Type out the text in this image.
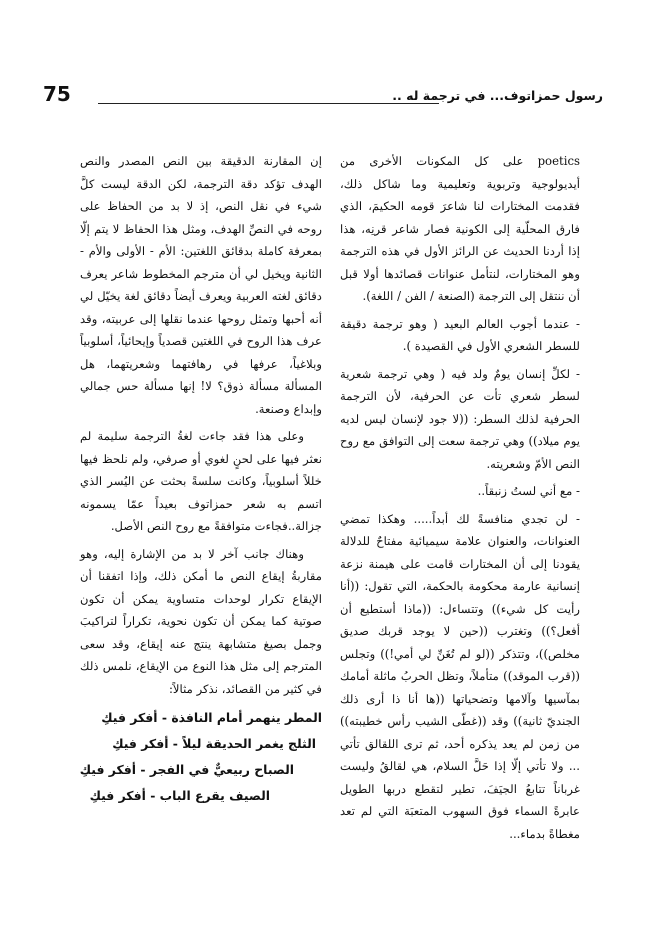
75	رسول حمزاتوف... في ترجمة له ..

poetics على كل المكونات الأخرى من أيديولوجية وتربوية وتعليمية وما شاكل ذلك، فقدمت المختارات لنا شاعرَ قومه الحكيمَ، الذي فارق المحلّية إلى الكونية فصار شاعر قرنِه، هذا إذا أردنا الحديث عن الرائز الأول في هذه الترجمة وهو المختارات، لنتأمل عنوانات قصائدها أولا قبل أن ننتقل إلى الترجمة (الصنعة / الفن / اللغة).

- عندما أجوب العالم البعيد ( وهو ترجمة دقيقة للسطر الشعري الأول في القصيدة ).

- لكلِّ إنسان يومٌ ولد فيه ( وهي ترجمة شعرية لسطر شعري تأت عن الحرفية، لأن الترجمة الحرفية لذلك السطر: ((لا جود لإنسان ليس لديه يوم ميلاد)) وهي ترجمة سعت إلى التوافق مع روح النص الأمّ وشعريته.

- مع أني لستُ زنبقاً..

- لن تجدي منافسةً لك أبداً..... وهكذا تمضي العنوانات، والعنوان علامة سيميائية مفتاحٌ للدلالة يقودنا إلى أن المختارات قامت على هيمنة نزعة إنسانية عارمة محكومة بالحكمة، التي تقول: ((أنا رأيت كل شيء)) وتتساءل: ((ماذا أستطيع أن أفعل؟)) وتغترب ((حين لا يوجد قربك صديق مخلص))، وتتذكر ((لو لم تُغَنِّ لي أمي!)) وتجلس ((قرب الموقد)) متأملاً، وتظل الحربُ ماثلة أمامك بمآسيها وآلامها وتضحياتها ((ها أنا ذا أرى ذلك الجنديّ ثانية)) وقد ((غطّى الشيب رأس خطيبته)) من زمن لم يعد يذكره أحد، ثم ترى اللقالق تأتي ... ولا تأتي إلّا إذا حَلَّ السلام، هي لقالقُ وليست غرباناً تتابعُ الجيَفَ، تطير لتقطع دربها الطويل عابرةً السماء فوق السهوب المتعبَة التي لم تعد مغطاةً بدماء...

إن المقارنة الدقيقة بين النص المصدر والنص الهدف تؤكد دقة الترجمة، لكن الدقة ليست كلَّ شيء في نقل النص، إذ لا بد من الحفاظ على روحه في النصِّ الهدف، ومثل هذا الحفاظ لا يتم إلّا بمعرفة كاملة بدقائق اللغتين: الأم - الأولى والأم - الثانية ويخيل لي أن مترجم المخطوط شاعر يعرف دقائق لغته العربية ويعرف أيضاً دقائق لغة يخيّل لي أنه أحبها وتمثل روحها عندما نقلها إلى عربيته، وقد عرف هذا الروح في اللغتين قصدياً وإيحائياً، أسلوبياً وبلاغياً، عرفها في رهافتهما وشعريتهما، هل المسألة مسألة ذوق؟ لا! إنها مسألة حس جمالي وإبداع وصنعة.

وعلى هذا فقد جاءت لغةُ الترجمة سليمة لم نعثر فيها على لحنٍ لغوي أو صرفي، ولم نلحظ فيها خللاً أسلوبياً، وكانت سلسةً بحثت عن اليُسر الذي اتسم به شعر حمزاتوف بعيداً عمّا يسمونه جزالة..فجاءت متوافقةً مع روح النص الأصل.

وهناك جانب آخر لا بد من الإشارة إليه، وهو مقاربةُ إيقاع النص ما أمكن ذلك، وإذا اتفقنا أن الإيقاع تكرار لوحدات متساوية يمكن أن تكون صوتية كما يمكن أن تكون نحوية، تكراراً لتراكيبَ وجمل بصيغ متشابهة ينتج عنه إيقاع، وقد سعى المترجم إلى مثل هذا النوع من الإيقاع، نلمس ذلك في كثير من القصائد، نذكر مثالاً:

المطر ينهمر أمام النافذة - أفكر فيكِ

الثلج يغمر الحديقة ليلاً - أفكر فيكِ

الصباح ربيعيٌّ في الفجر - أفكر فيكِ

الصيف يقرع الباب - أفكر فيكِ
